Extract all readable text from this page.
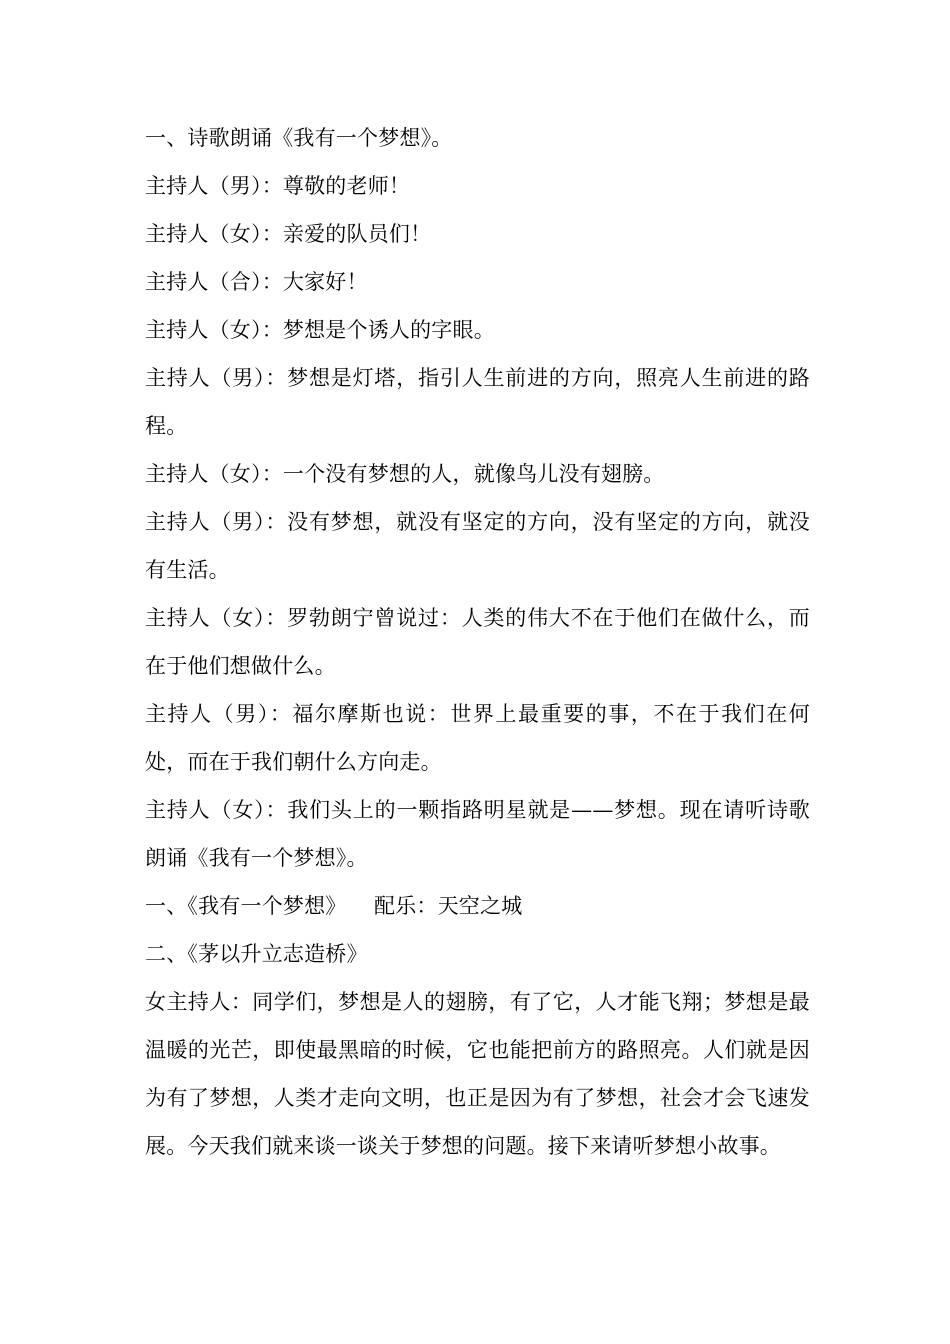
一、诗歌朗诵《我有一个梦想》。

主持人（男）：尊敬的老师！

主持人（女）：亲爱的队员们！

主持人（合）：大家好！

主持人（女）：梦想是个诱人的字眼。

主持人（男）：梦想是灯塔，指引人生前进的方向，照亮人生前进的路程。

主持人（女）：一个没有梦想的人，就像鸟儿没有翅膀。

主持人（男）：没有梦想，就没有坚定的方向，没有坚定的方向，就没有生活。

主持人（女）：罗勃朗宁曾说过：人类的伟大不在于他们在做什么，而在于他们想做什么。

主持人（男）：福尔摩斯也说：世界上最重要的事，不在于我们在何处，而在于我们朝什么方向走。

主持人（女）：我们头上的一颗指路明星就是——梦想。现在请听诗歌朗诵《我有一个梦想》。

一、《我有一个梦想》    配乐：天空之城

二、《茅以升立志造桥》

女主持人：同学们，梦想是人的翅膀，有了它，人才能飞翔；梦想是最温暖的光芒，即使最黑暗的时候，它也能把前方的路照亮。人们就是因为有了梦想，人类才走向文明，也正是因为有了梦想，社会才会飞速发展。今天我们就来谈一谈关于梦想的问题。接下来请听梦想小故事。
